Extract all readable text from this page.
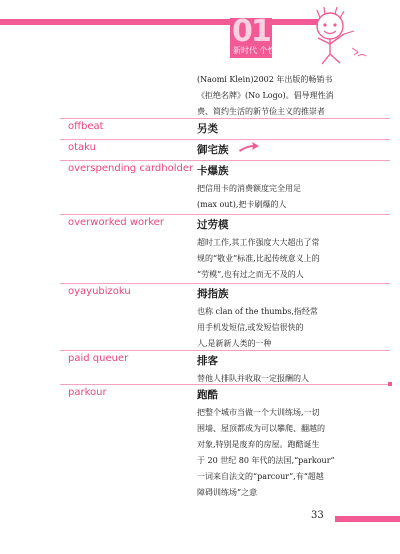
01
新时代 个性E飞扬
(Naomi Klein)2002 年出版的畅销书
《拒绝名牌》(No Logo)。倡导理性消
费、简约生活的新节俭主义的推崇者
offbeat	另类
otaku	御宅族
overspending cardholder 卡爆族
把信用卡的消费额度完全用足
(max out),把卡刷爆的人
overworked worker	过劳模
超时工作,其工作强度大大超出了常
规的“敬业”标准,比起传统意义上的
“劳模”,也有过之而无不及的人
oyayubizoku	拇指族
也称 clan of the thumbs,指经常
用手机发短信,或发短信很快的
人,是新新人类的一种
paid queuer	排客
替他人排队并收取一定报酬的人
parkour	跑酷
把整个城市当做一个大训练场,一切
围墙、屋顶都成为可以攀爬、翻越的
对象,特别是废弃的房屋。跑酷诞生
于 20 世纪 80 年代的法国,“parkour”
一词来自法文的“parcour”,有“超越
障碍训练场”之意
33
